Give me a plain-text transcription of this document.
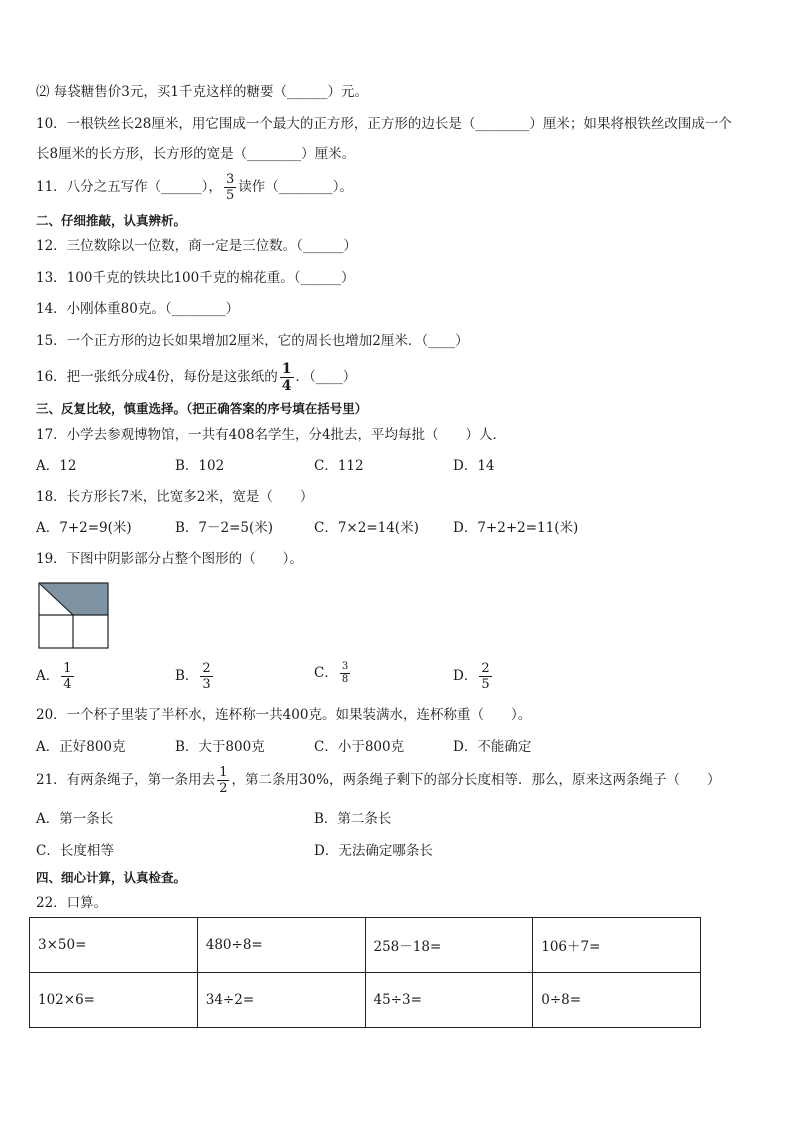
⑵ 每袋糖售价3元，买1千克这样的糖要（______）元。
10．一根铁丝长28厘米，用它围成一个最大的正方形，正方形的边长是（________）厘米；如果将根铁丝改围成一个
长8厘米的长方形，长方形的宽是（________）厘米。
11．八分之五写作（______）， $\frac{3}{5}$ 读作（________）。
二、仔细推敲，认真辨析。
12．三位数除以一位数，商一定是三位数。（______）
13．100千克的铁块比100千克的棉花重。（______）
14．小刚体重80克。（________）
15．一个正方形的边长如果增加2厘米，它的周长也增加2厘米．（____）
16．把一张纸分成4份，每份是这张纸的 $\frac{1}{4}$ ．（____）
三、反复比较，慎重选择。（把正确答案的序号填在括号里）
17．小学去参观博物馆，一共有408名学生，分4批去，平均每批（　　）人．
A．12	B．102	C．112	D．14
18．长方形长7米，比宽多2米，宽是（　　）
A．7+2=9(米)	B．7－2=5(米)	C．7×2=14(米)	D．7+2+2=11(米)
19．下图中阴影部分占整个图形的（　　）。
A． $\frac{1}{4}$	B． $\frac{2}{3}$	C． $\frac{3}{8}$	D． $\frac{2}{5}$
20．一个杯子里装了半杯水，连杯称一共400克。如果装满水，连杯称重（　　）。
A．正好800克	B．大于800克	C．小于800克	D．不能确定
21．有两条绳子，第一条用去 $\frac{1}{2}$ ，第二条用30%，两条绳子剩下的部分长度相等．那么，原来这两条绳子（　　）
A．第一条长	B．第二条长
C．长度相等	D．无法确定哪条长
四、细心计算，认真检查。
22．口算。
3×50=	480÷8=	258－18=	106＋7=
102×6=	34÷2=	45÷3=	0÷8=
